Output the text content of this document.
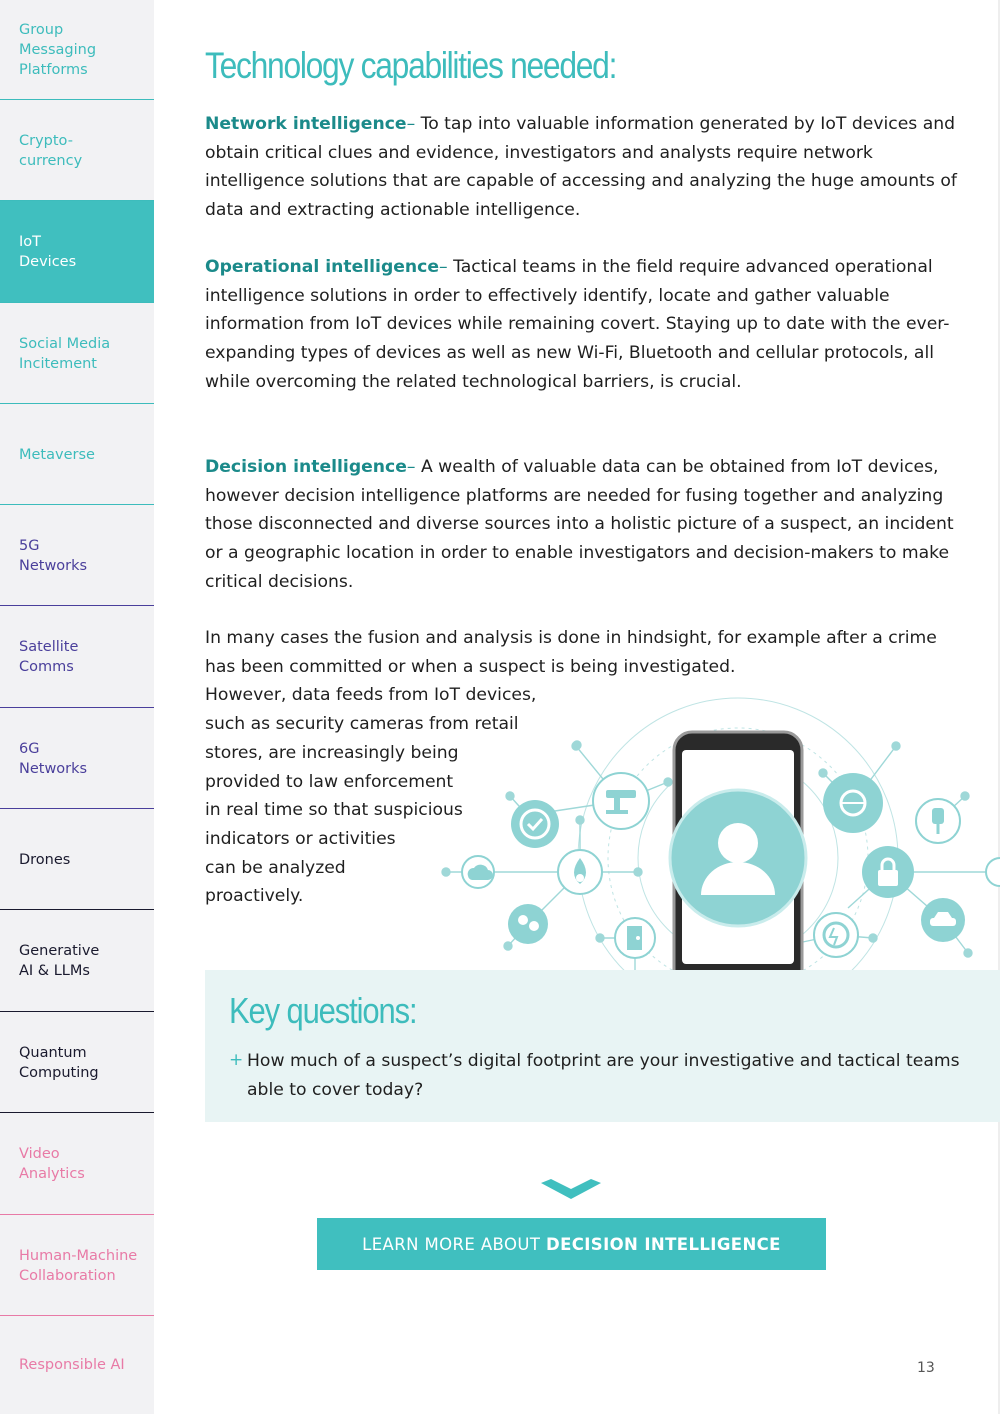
Group
Messaging
Platforms
Crypto-
currency
IoT
Devices
Social Media
Incitement
Metaverse
5G
Networks
Satellite
Comms
6G
Networks
Drones
Generative
AI & LLMs
Quantum
Computing
Video
Analytics
Human-Machine
Collaboration
Responsible AI
Technology capabilities needed:

Network intelligence– To tap into valuable information generated by IoT devices and obtain critical clues and evidence, investigators and analysts require network intelligence solutions that are capable of accessing and analyzing the huge amounts of data and extracting actionable intelligence.

Operational intelligence– Tactical teams in the field require advanced operational intelligence solutions in order to effectively identify, locate and gather valuable information from IoT devices while remaining covert. Staying up to date with the ever-expanding types of devices as well as new Wi-Fi, Bluetooth and cellular protocols, all while overcoming the related technological barriers, is crucial.

Decision intelligence– A wealth of valuable data can be obtained from IoT devices, however decision intelligence platforms are needed for fusing together and analyzing those disconnected and diverse sources into a holistic picture of a suspect, an incident or a geographic location in order to enable investigators and decision-makers to make critical decisions.

In many cases the fusion and analysis is done in hindsight, for example after a crime has been committed or when a suspect is being investigated.
However, data feeds from IoT devices,
such as security cameras from retail
stores, are increasingly being
provided to law enforcement
in real time so that suspicious
indicators or activities
can be analyzed
proactively.

Key questions:
+ How much of a suspect’s digital footprint are your investigative and tactical teams able to cover today?
LEARN MORE ABOUT DECISION INTELLIGENCE
13
